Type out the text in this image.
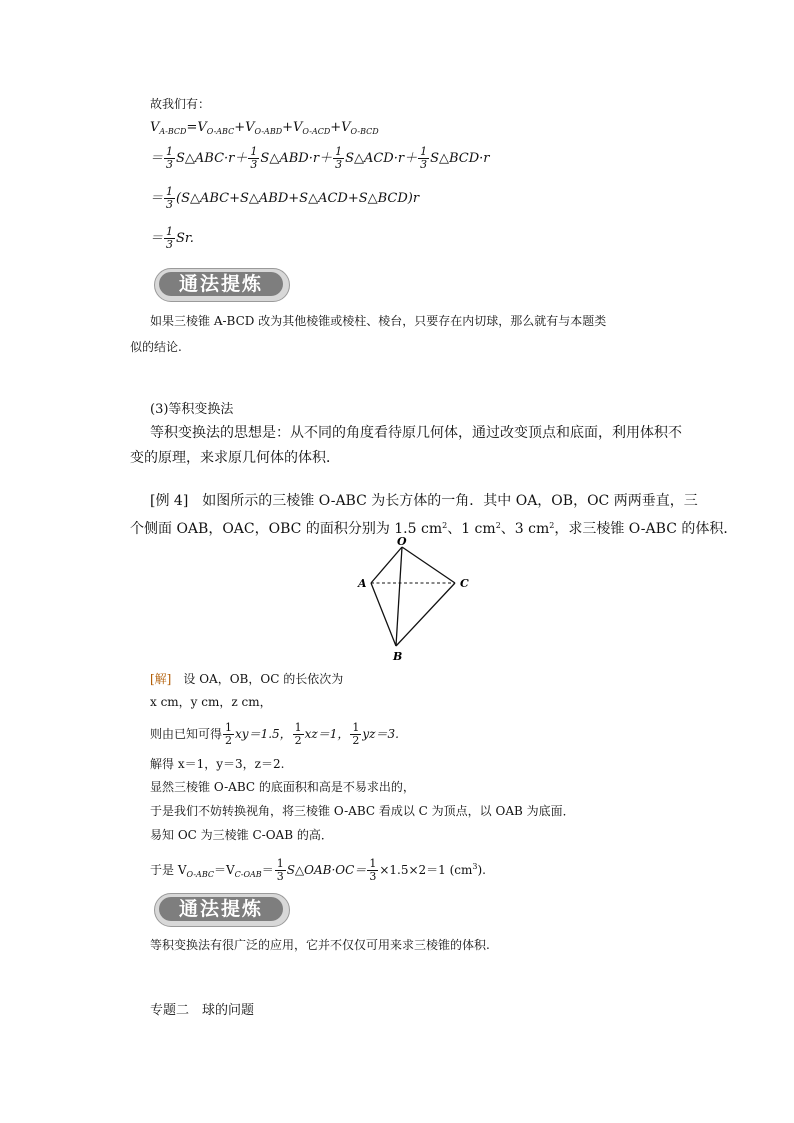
故我们有：
$V_{A-BCD}=V_{O-ABC}+V_{O-ABD}+V_{O-ACD}+V_{O-BCD}$
＝ $\frac{1}{3}$ S△ABC·r＋ $\frac{1}{3}$ S△ABD·r＋ $\frac{1}{3}$ S△ACD·r＋ $\frac{1}{3}$ S△BCD·r
＝ $\frac{1}{3}$ (S△ABC+S△ABD+S△ACD+S△BCD)r
＝ $\frac{1}{3} Sr$.
通法提炼
如果三棱锥 A-BCD 改为其他棱锥或棱柱、棱台，只要存在内切球，那么就有与本题类
似的结论.
(3)等积变换法
等积变换法的思想是：从不同的角度看待原几何体，通过改变顶点和底面，利用体积不
变的原理，来求原几何体的体积．
[例 4]　如图所示的三棱锥 O-ABC 为长方体的一角．其中 OA，OB，OC 两两垂直，三
个侧面 OAB，OAC，OBC 的面积分别为 1.5 $cm^2$、1 $cm^2$、3 $cm^2$，求三棱锥 O-ABC 的体积．
O
A	C
B
[解]　 设 OA，OB，OC 的长依次为
x cm，y cm，z cm，
则由已知可得 $\frac{1}{2} xy=1.5$， $\frac{1}{2} xz=1$， $\frac{1}{2} yz=3$.
解得 x＝1，y＝3，z＝2.
显然三棱锥 O-ABC 的底面积和高是不易求出的，
于是我们不妨转换视角，将三棱锥 O-ABC 看成以 C 为顶点，以 OAB 为底面．
易知 OC 为三棱锥 C-OAB 的高．
于是 $V_{O-ABC}=V_{C-OAB}= \frac{1}{3}$ S△OAB·OC＝ $\frac{1}{3} \times 1.5\times 2=1$ $(cm^3)$.
通法提炼
等积变换法有很广泛的应用，它并不仅仅可用来求三棱锥的体积.
专题二　球的问题
